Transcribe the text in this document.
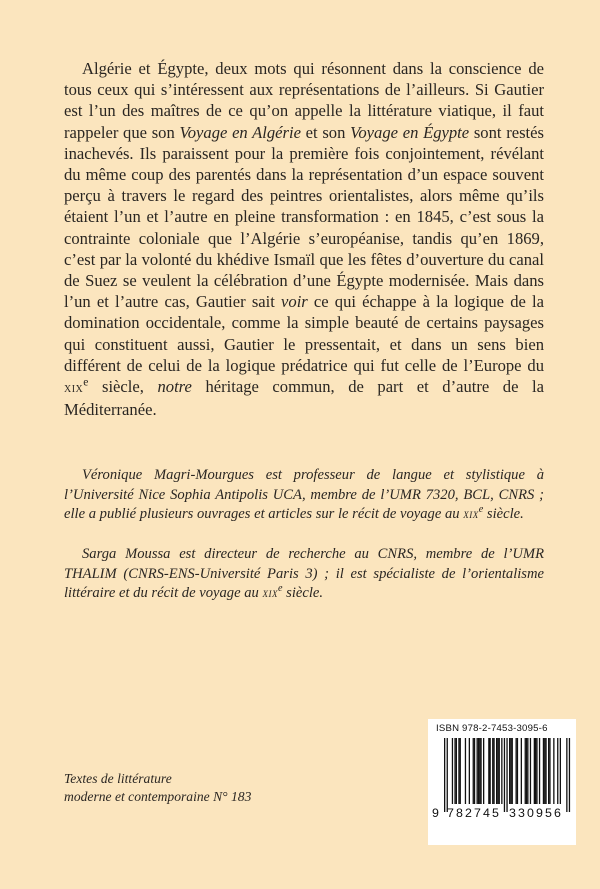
Algérie et Égypte, deux mots qui résonnent dans la conscience de tous ceux qui s’intéressent aux représentations de l’ailleurs. Si Gautier est l’un des maîtres de ce qu’on appelle la littérature viatique, il faut rappeler que son Voyage en Algérie et son Voyage en Égypte sont restés inachevés. Ils paraissent pour la première fois conjointement, révélant du même coup des parentés dans la représentation d’un espace souvent perçu à travers le regard des peintres orientalistes, alors même qu’ils étaient l’un et l’autre en pleine transformation : en 1845, c’est sous la contrainte coloniale que l’Algérie s’européanise, tandis qu’en 1869, c’est par la volonté du khédive Ismaïl que les fêtes d’ouverture du canal de Suez se veulent la célébration d’une Égypte modernisée. Mais dans l’un et l’autre cas, Gautier sait voir ce qui échappe à la logique de la domination occidentale, comme la simple beauté de certains paysages qui constituent aussi, Gautier le pressentait, et dans un sens bien différent de celui de la logique prédatrice qui fut celle de l’Europe du xix$^e$ siècle, notre héritage commun, de part et d’autre de la Méditerranée.

Véronique Magri-Mourgues est professeur de langue et stylistique à l’Université Nice Sophia Antipolis UCA, membre de l’UMR 7320, BCL, CNRS ; elle a publié plusieurs ouvrages et articles sur le récit de voyage au xix$^e$ siècle.

Sarga Moussa est directeur de recherche au CNRS, membre de l’UMR THALIM (CNRS-ENS-Université Paris 3) ; il est spécialiste de l’orientalisme littéraire et du récit de voyage au xix$^e$ siècle.

Textes de littérature
moderne et contemporaine N° 183
ISBN 978-2-7453-3095-6
9 782745 330956
